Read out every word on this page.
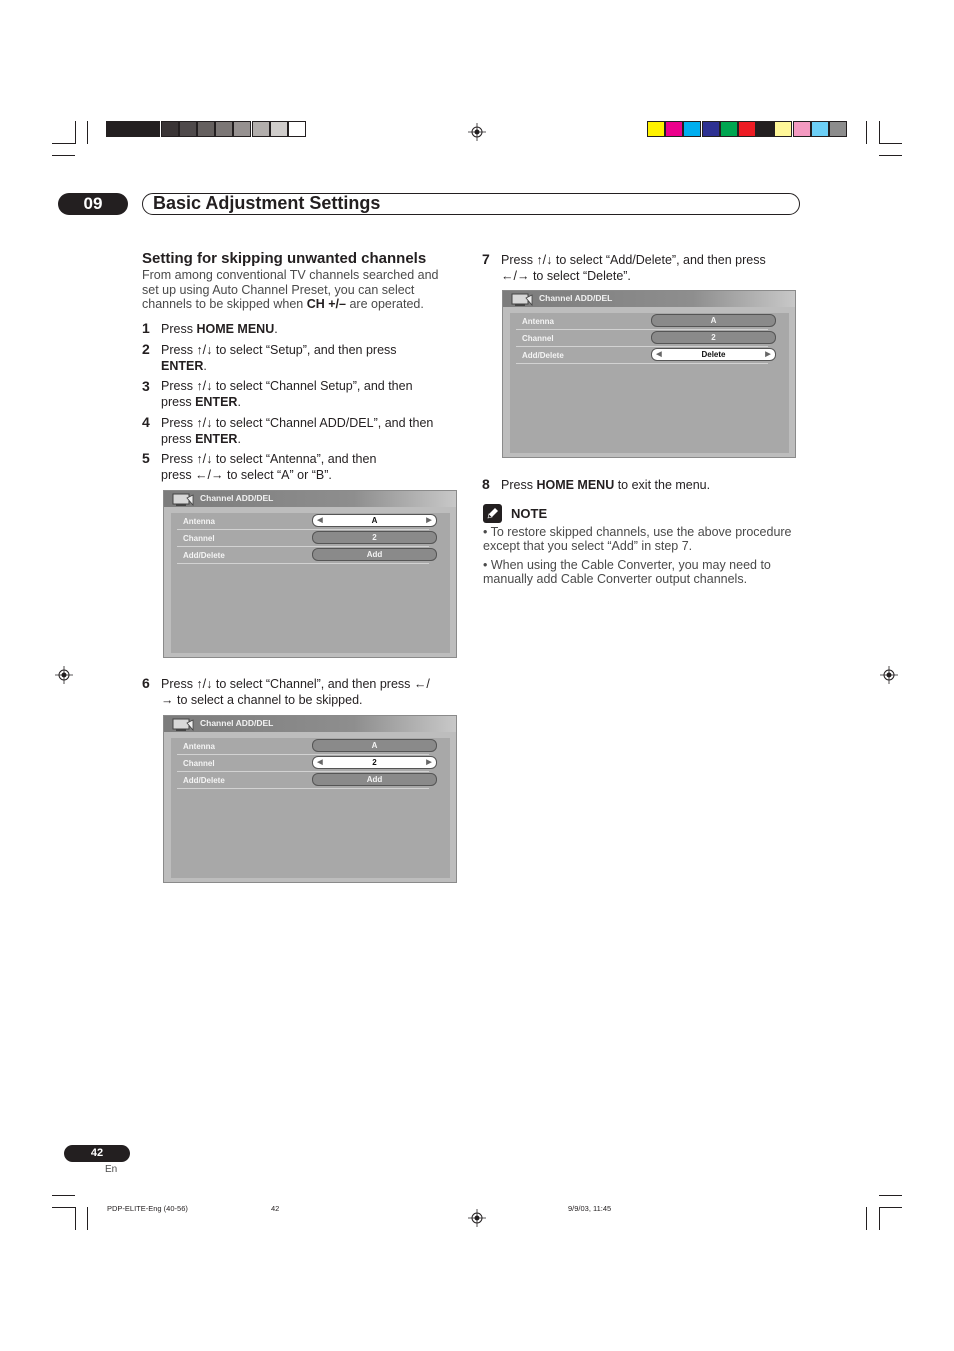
09	Basic Adjustment Settings
Setting for skipping unwanted channels
From among conventional TV channels searched and
set up using Auto Channel Preset, you can select
channels to be skipped when CH +/– are operated.
1 Press HOME MENU.
2 Press ↑/↓ to select “Setup”, and then press ENTER.
3 Press ↑/↓ to select “Channel Setup”, and then press ENTER.
4 Press ↑/↓ to select “Channel ADD/DEL”, and then press ENTER.
5 Press ↑/↓ to select “Antenna”, and then press ←/→ to select “A” or “B”.
Channel ADD/DEL
Antenna	◀	A	▶
Channel	2
Add/Delete	Add
6 Press ↑/↓ to select “Channel”, and then press ←/→ to select a channel to be skipped.
Channel ADD/DEL
Antenna	A
Channel	◀	2	▶
Add/Delete	Add
7 Press ↑/↓ to select “Add/Delete”, and then press ←/→ to select “Delete”.
Channel ADD/DEL
Antenna	A
Channel	2
Add/Delete	◀	Delete	▶
8 Press HOME MENU to exit the menu.
NOTE
• To restore skipped channels, use the above procedure except that you select “Add” in step 7.
• When using the Cable Converter, you may need to manually add Cable Converter output channels.
42
En
PDP-ELITE-Eng (40-56)	42	9/9/03, 11:45
